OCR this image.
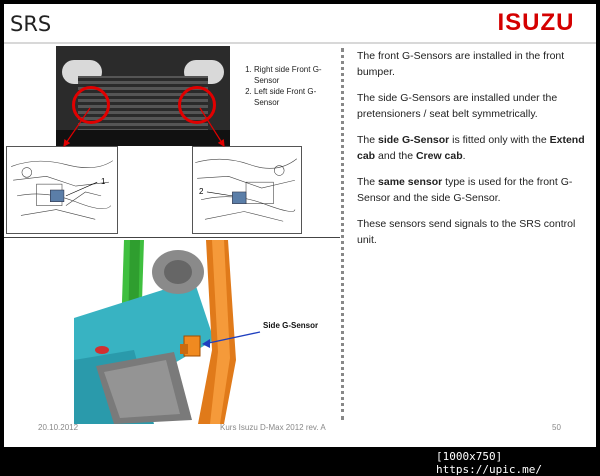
SRS	ISUZU
1. Right side Front G-Sensor
2. Left side Front G-Sensor
1
2
Side G-Sensor

The front G-Sensors are installed in the front bumper.

The side G-Sensors are installed under the pretensioners / seat belt symmetrically.

The side G-Sensor is fitted only with the Extend cab and the Crew cab.

The same sensor type is used for the front G-Sensor and the side G-Sensor.

These sensors send signals to the SRS control unit.

20.10.2012	Kurs Isuzu D-Max 2012 rev. A	50
[1000x750] https://upic.me/
